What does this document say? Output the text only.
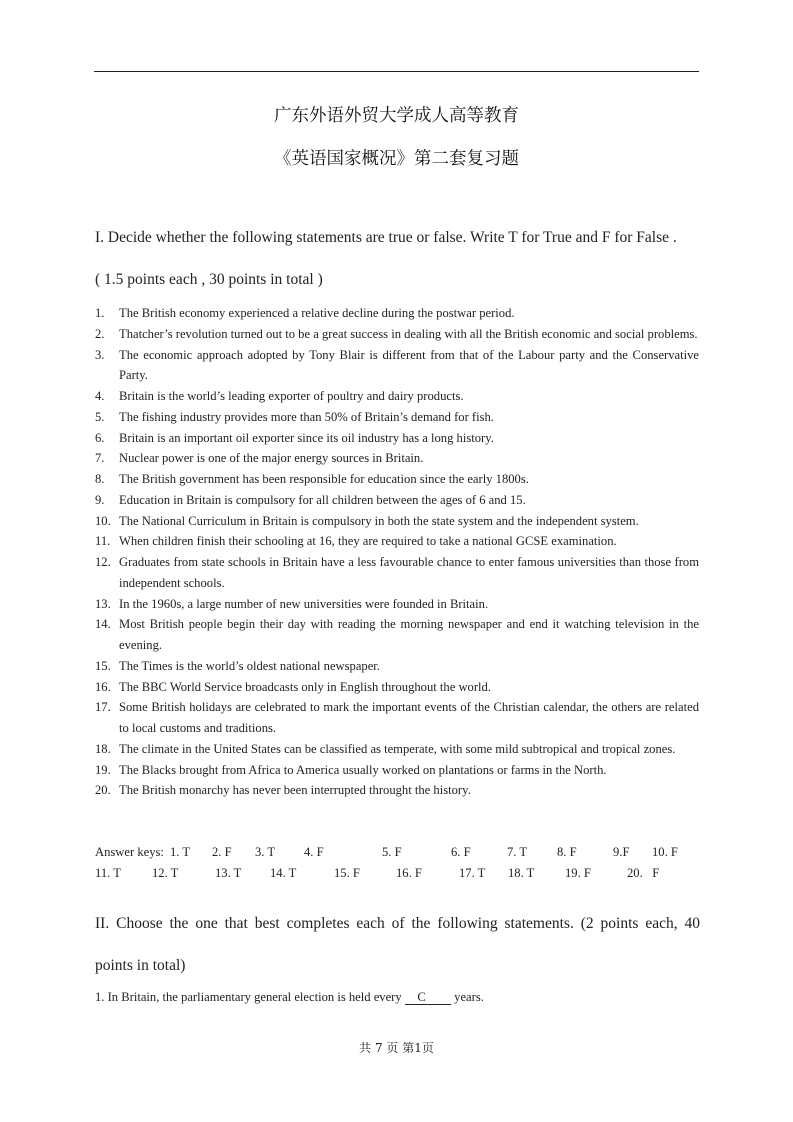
广东外语外贸大学成人高等教育
《英语国家概况》第二套复习题
I. Decide whether the following statements are true or false. Write T for True and F for False .
( 1.5 points each , 30 points in total )
1. The British economy experienced a relative decline during the postwar period.
2. Thatcher’s revolution turned out to be a great success in dealing with all the British economic and social problems.
3. The economic approach adopted by Tony Blair is different from that of the Labour party and the Conservative Party.
4. Britain is the world’s leading exporter of poultry and dairy products.
5. The fishing industry provides more than 50% of Britain’s demand for fish.
6. Britain is an important oil exporter since its oil industry has a long history.
7. Nuclear power is one of the major energy sources in Britain.
8. The British government has been responsible for education since the early 1800s.
9. Education in Britain is compulsory for all children between the ages of 6 and 15.
10. The National Curriculum in Britain is compulsory in both the state system and the independent system.
11. When children finish their schooling at 16, they are required to take a national GCSE examination.
12. Graduates from state schools in Britain have a less favourable chance to enter famous universities than those from independent schools.
13. In the 1960s, a large number of new universities were founded in Britain.
14. Most British people begin their day with reading the morning newspaper and end it watching television in the evening.
15. The Times is the world’s oldest national newspaper.
16. The BBC World Service broadcasts only in English throughout the world.
17. Some British holidays are celebrated to mark the important events of the Christian calendar, the others are related to local customs and traditions.
18. The climate in the United States can be classified as temperate, with some mild subtropical and tropical zones.
19. The Blacks brought from Africa to America usually worked on plantations or farms in the North.
20. The British monarchy has never been interrupted throught the history.
Answer keys: 1. T 2. F 3. T 4. F	5. F	6. F	7. T 8. F	9.F 10. F
11. T 12. T	13. T 14. T	15. F	16. F	17. T 18. T 19. F	20.   F
II. Choose the one that best completes each of the following statements. (2 points each, 40
points in total)
1. In Britain, the parliamentary general election is held every     C         years.
共 7 页 第1页
